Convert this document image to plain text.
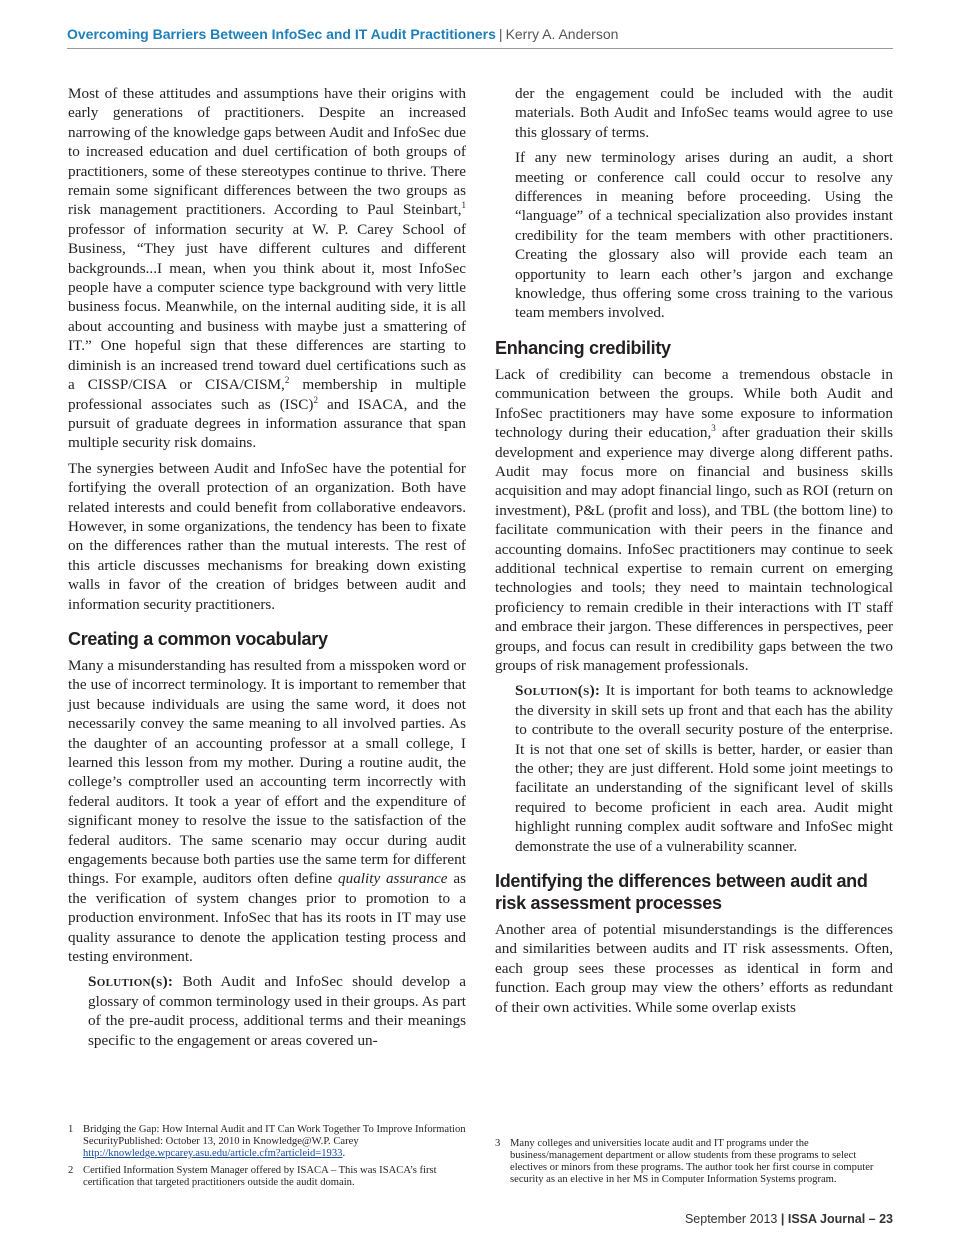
Overcoming Barriers Between InfoSec and IT Audit Practitioners | Kerry A. Anderson

Most of these attitudes and assumptions have their origins with early generations of practitioners. Despite an increased narrowing of the knowledge gaps between Audit and InfoSec due to increased education and duel certification of both groups of practitioners, some of these stereotypes continue to thrive. There remain some significant differences between the two groups as risk management practitioners. According to Paul Steinbart,$^1$ professor of information security at W. P. Carey School of Business, “They just have different cultures and different backgrounds...I mean, when you think about it, most InfoSec people have a computer science type background with very little business focus. Meanwhile, on the internal auditing side, it is all about accounting and business with maybe just a smattering of IT.” One hopeful sign that these differences are starting to diminish is an increased trend toward duel certifications such as a CISSP/CISA or CISA/CISM,$^2$ membership in multiple professional associates such as (ISC)$^2$ and ISACA, and the pursuit of graduate degrees in information assurance that span multiple security risk domains.

The synergies between Audit and InfoSec have the potential for fortifying the overall protection of an organization. Both have related interests and could benefit from collaborative endeavors. However, in some organizations, the tendency has been to fixate on the differences rather than the mutual interests. The rest of this article discusses mechanisms for breaking down existing walls in favor of the creation of bridges between audit and information security practitioners.

Creating a common vocabulary

Many a misunderstanding has resulted from a misspoken word or the use of incorrect terminology. It is important to remember that just because individuals are using the same word, it does not necessarily convey the same meaning to all involved parties. As the daughter of an accounting professor at a small college, I learned this lesson from my mother. During a routine audit, the college’s comptroller used an accounting term incorrectly with federal auditors. It took a year of effort and the expenditure of significant money to resolve the issue to the satisfaction of the federal auditors. The same scenario may occur during audit engagements because both parties use the same term for different things. For example, auditors often define quality assurance as the verification of system changes prior to promotion to a production environment. InfoSec that has its roots in IT may use quality assurance to denote the application testing process and testing environment.

Solution(s): Both Audit and InfoSec should develop a glossary of common terminology used in their groups. As part of the pre-audit process, additional terms and their meanings specific to the engagement or areas covered un-

der the engagement could be included with the audit materials. Both Audit and InfoSec teams would agree to use this glossary of terms.

If any new terminology arises during an audit, a short meeting or conference call could occur to resolve any differences in meaning before proceeding. Using the “language” of a technical specialization also provides instant credibility for the team members with other practitioners. Creating the glossary also will provide each team an opportunity to learn each other’s jargon and exchange knowledge, thus offering some cross training to the various team members involved.

Enhancing credibility

Lack of credibility can become a tremendous obstacle in communication between the groups. While both Audit and InfoSec practitioners may have some exposure to information technology during their education,$^3$ after graduation their skills development and experience may diverge along different paths. Audit may focus more on financial and business skills acquisition and may adopt financial lingo, such as ROI (return on investment), P&L (profit and loss), and TBL (the bottom line) to facilitate communication with their peers in the finance and accounting domains. InfoSec practitioners may continue to seek additional technical expertise to remain current on emerging technologies and tools; they need to maintain technological proficiency to remain credible in their interactions with IT staff and embrace their jargon. These differences in perspectives, peer groups, and focus can result in credibility gaps between the two groups of risk management professionals.

Solution(s): It is important for both teams to acknowledge the diversity in skill sets up front and that each has the ability to contribute to the overall security posture of the enterprise. It is not that one set of skills is better, harder, or easier than the other; they are just different. Hold some joint meetings to facilitate an understanding of the significant level of skills required to become proficient in each area. Audit might highlight running complex audit software and InfoSec might demonstrate the use of a vulnerability scanner.

Identifying the differences between audit and risk assessment processes

Another area of potential misunderstandings is the differences and similarities between audits and IT risk assessments. Often, each group sees these processes as identical in form and function. Each group may view the others’ efforts as redundant of their own activities. While some overlap exists

1 Bridging the Gap: How Internal Audit and IT Can Work Together To Improve Information SecurityPublished: October 13, 2010 in Knowledge@W.P. Carey http://knowledge.wpcarey.asu.edu/article.cfm?articleid=1933.
2 Certified Information System Manager offered by ISACA – This was ISACA’s first certification that targeted practitioners outside the audit domain.
3 Many colleges and universities locate audit and IT programs under the business/management department or allow students from these programs to select electives or minors from these programs. The author took her first course in computer security as an elective in her MS in Computer Information Systems program.
September 2013 | ISSA Journal – 23
